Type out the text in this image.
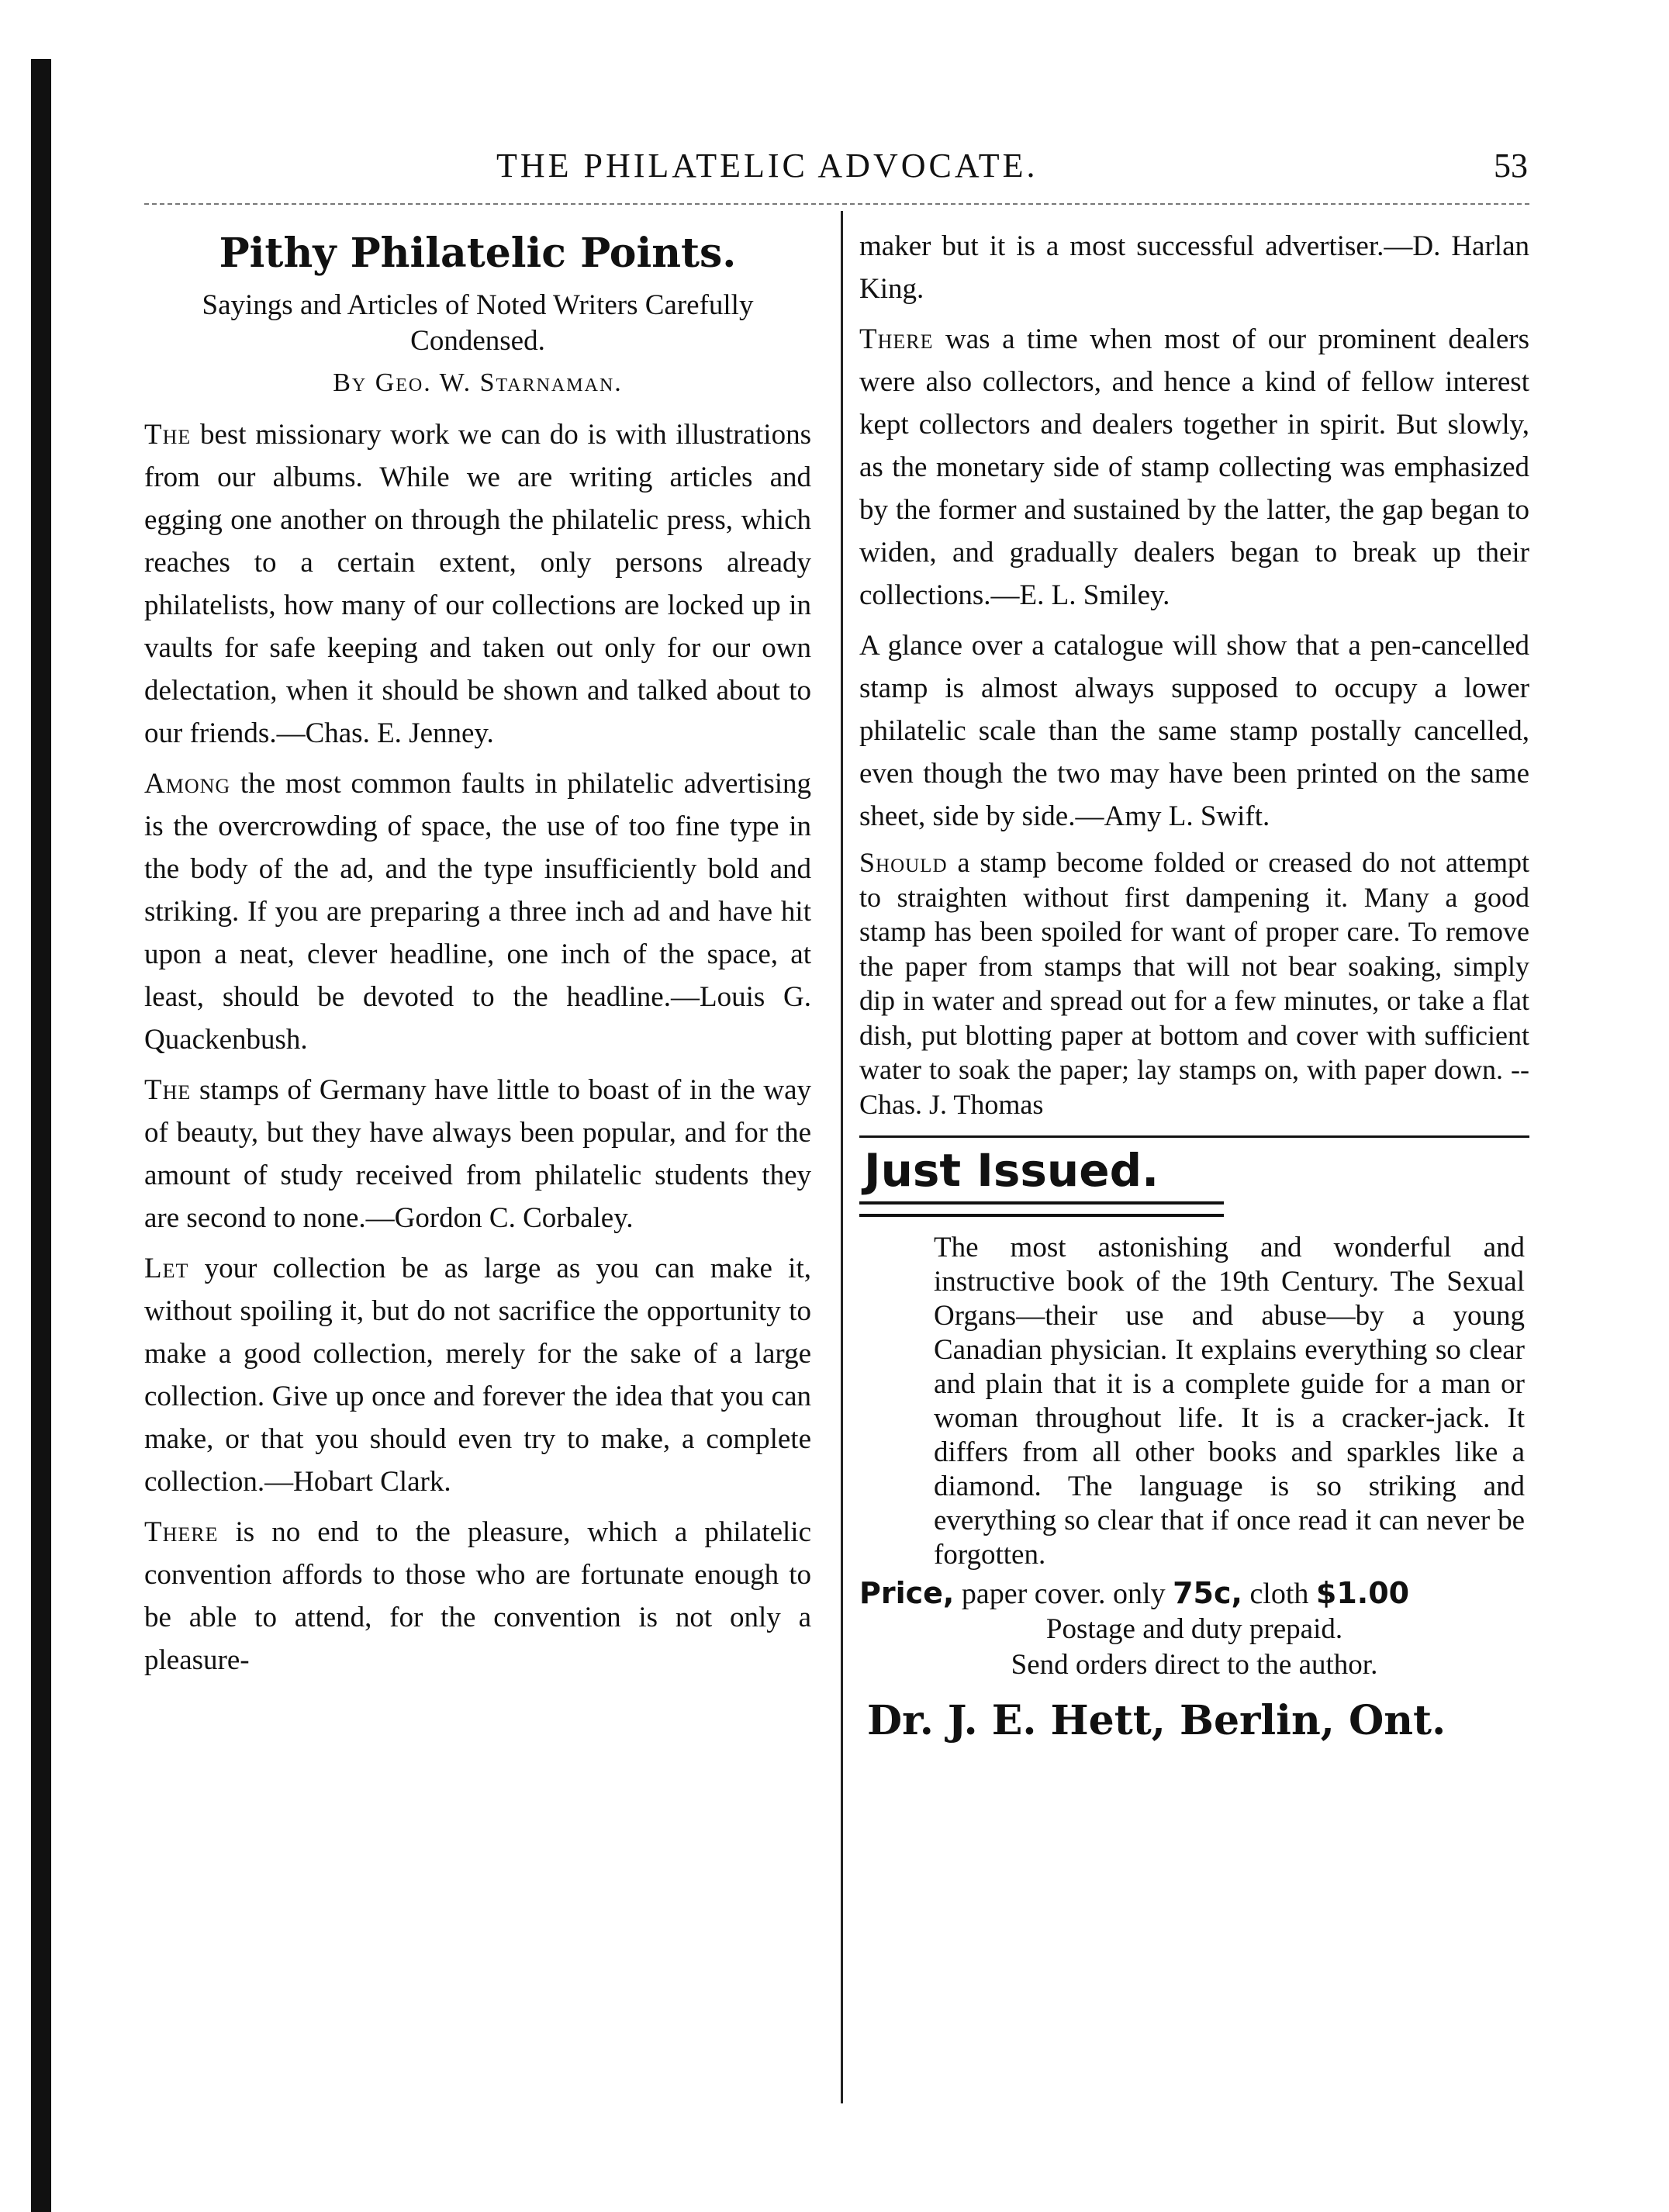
THE PHILATELIC ADVOCATE.	53
Pithy Philatelic Points.
Sayings and Articles of Noted Writers Carefully Condensed.
By Geo. W. Starnaman.

The best missionary work we can do is with illustrations from our albums. While we are writing articles and egging one another on through the philatelic press, which reaches to a certain extent, only persons already philatelists, how many of our collections are locked up in vaults for safe keeping and taken out only for our own delectation, when it should be shown and talked about to our friends.—Chas. E. Jenney.

Among the most common faults in philatelic advertising is the overcrowding of space, the use of too fine type in the body of the ad, and the type insufficiently bold and striking. If you are preparing a three inch ad and have hit upon a neat, clever headline, one inch of the space, at least, should be devoted to the headline.—Louis G. Quackenbush.

The stamps of Germany have little to boast of in the way of beauty, but they have always been popular, and for the amount of study received from philatelic students they are second to none.—Gordon C. Corbaley.

Let your collection be as large as you can make it, without spoiling it, but do not sacrifice the opportunity to make a good collection, merely for the sake of a large collection. Give up once and forever the idea that you can make, or that you should even try to make, a complete collection.—Hobart Clark.

There is no end to the pleasure, which a philatelic convention affords to those who are fortunate enough to be able to attend, for the convention is not only a pleasure-

maker but it is a most successful advertiser.—D. Harlan King.

There was a time when most of our prominent dealers were also collectors, and hence a kind of fellow interest kept collectors and dealers together in spirit. But slowly, as the monetary side of stamp collecting was emphasized by the former and sustained by the latter, the gap began to widen, and gradually dealers began to break up their collections.—E. L. Smiley.

A glance over a catalogue will show that a pen-cancelled stamp is almost always supposed to occupy a lower philatelic scale than the same stamp postally cancelled, even though the two may have been printed on the same sheet, side by side.—Amy L. Swift.

Should a stamp become folded or creased do not attempt to straighten without first dampening it. Many a good stamp has been spoiled for want of proper care. To remove the paper from stamps that will not bear soaking, simply dip in water and spread out for a few minutes, or take a flat dish, put blotting paper at bottom and cover with sufficient water to soak the paper; lay stamps on, with paper down. --Chas. J. Thomas

Just Issued.

The most astonishing and wonderful and instructive book of the 19th Century. The Sexual Organs—their use and abuse—by a young Canadian physician. It explains everything so clear and plain that it is a complete guide for a man or woman throughout life. It is a cracker-jack. It differs from all other books and sparkles like a diamond. The language is so striking and everything so clear that if once read it can never be forgotten.

Price, paper cover. only 75c, cloth $1.00

Postage and duty prepaid.

Send orders direct to the author.

Dr. J. E. Hett, Berlin, Ont.
